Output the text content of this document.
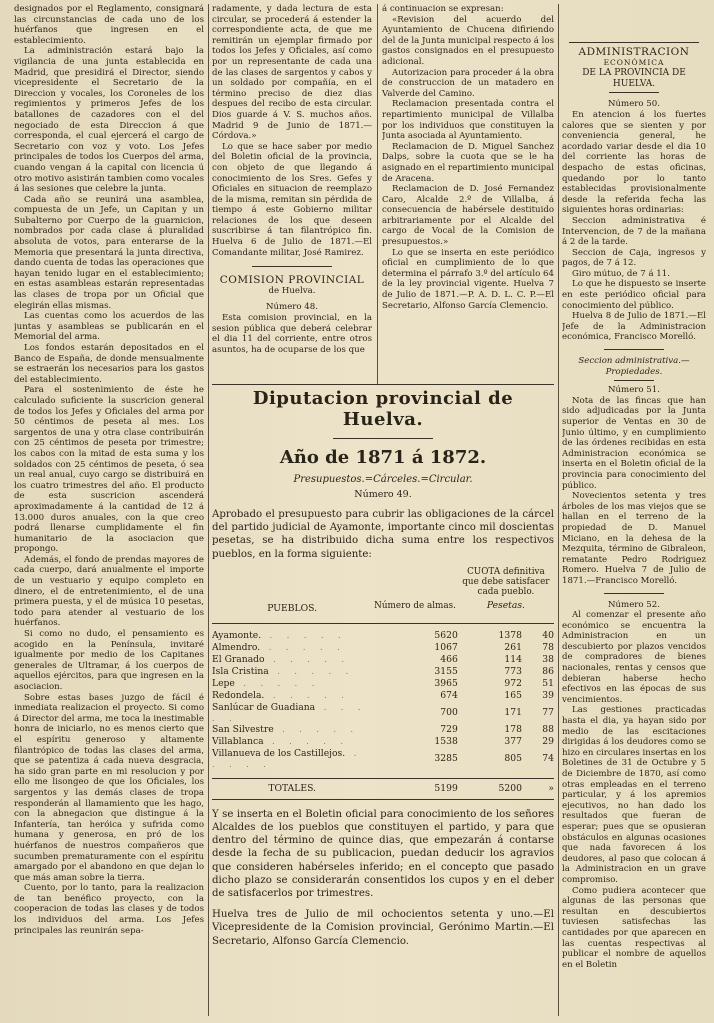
designados por el Reglamento, consignará las circunstancias de cada uno de los huérfanos que ingresen en el establecimiento.

La administración estará bajo la vigilancia de una junta establecida en Madrid, que presidirá el Director, siendo vicepresidente el Secretario de la Direccion y vocales, los Coroneles de los regimientos y primeros Jefes de los batallones de cazadores con el del negociado de esta Direccion á que corresponda, el cual ejercerá el cargo de Secretario con voz y voto. Los Jefes principales de todos los Cuerpos del arma, cuando vengan á la capital con licencia ú otro motivo asistirán tambien como vocales á las sesiones que celebre la junta.

Cada año se reunirá una asamblea, compuesta de un Jefe, un Capitan y un Subalterno por Cuerpo de la guarnicion, nombrados por cada clase á pluralidad absoluta de votos, para enterarse de la Memoria que presentará la junta directiva, dando cuenta de todas las operaciones que hayan tenido lugar en el establecimiento; en estas asambleas estarán representadas las clases de tropa por un Oficial que elegirán ellas mismas.

Las cuentas como los acuerdos de las juntas y asambleas se publicarán en el Memorial del arma.

Los fondos estarán depositados en el Banco de España, de donde mensualmente se estraerán los necesarios para los gastos del establecimiento.

Para el sostenimiento de éste he calculado suficiente la suscricion general de todos los Jefes y Oficiales del arma por 50 céntimos de peseta al mes. Los sargentos de una y otra clase contribuirán con 25 céntimos de peseta por trimestre; los cabos con la mitad de esta suma y los soldados con 25 céntimos de peseta, ó sea un real anual, cuyo cargo se distribuirá en los cuatro trimestres del año. El producto de esta suscricion ascenderá aproximadamente á la cantidad de 12 á 13.000 duros anuales, con la que creo podrá llenarse cumplidamente el fin humanitario de la asociacion que propongo.

Además, el fondo de prendas mayores de cada cuerpo, dará anualmente el importe de un vestuario y equipo completo en dinero, el de entretenimiento, el de una primera puesta, y el de música 10 pesetas, todo para atender al vestuario de los huérfanos.

Si como no dudo, el pensamiento es acogido en la Península, invitaré igualmente por medio de los Capitanes generales de Ultramar, á los cuerpos de aquellos ejércitos, para que ingresen en la asociacion.

Sobre estas bases juzgo de fácil é inmediata realizacion el proyecto. Si como á Director del arma, me toca la inestimable honra de iniciarlo, no es menos cierto que el espíritu generoso y altamente filantrópico de todas las clases del arma, que se patentiza á cada nueva desgracia, ha sido gran parte en mi resolucion y por ello me lisongeo de que los Oficiales, los sargentos y las demás clases de tropa responderán al llamamiento que les hago, con la abnegacion que distingue á la Infantería, tan heróica y sufrida como humana y generosa, en pró de los huérfanos de nuestros compañeros que sucumben prematuramente con el espíritu amargado por el abandono en que dejan lo que más aman sobre la tierra.

Cuento, por lo tanto, para la realizacion de tan benéfico proyecto, con la cooperacion de todas las clases y de todos los individuos del arma. Los Jefes principales las reunirán sepa-

radamente, y dada lectura de esta circular, se procederá á estender la correspondiente acta, de que me remitirán un ejemplar firmado por todos los Jefes y Oficiales, así como por un representante de cada una de las clases de sargentos y cabos y un soldado por compañía, en el término preciso de diez dias despues del recibo de esta circular. Dios guarde á V. S. muchos años. Madrid 9 de Junio de 1871.—Córdova.»

Lo que se hace saber por medio del Boletin oficial de la provincia, con objeto de que llegando á conocimiento de los Sres. Gefes y Oficiales en situacion de reemplazo de la misma, remitan sin pérdida de tiempo á este Gobierno militar relaciones de los que deseen suscribirse á tan filantrópico fin. Huelva 6 de Julio de 1871.—El Comandante militar, José Ramirez.

COMISION PROVINCIAL

de Huelva.

Número 48.

Esta comision provincial, en la sesion pública que deberá celebrar el dia 11 del corriente, entre otros asuntos, ha de ocuparse de los que

á continuacion se expresan:

«Revision del acuerdo del Ayuntamiento de Chucena difiriendo del de la Junta municipal respecto á los gastos consignados en el presupuesto adicional.

Autorizacion para proceder á la obra de construccion de un matadero en Valverde del Camino.

Reclamacion presentada contra el repartimiento municipal de Villalba por los individuos que constituyen la Junta asociada al Ayuntamiento.

Reclamacion de D. Miguel Sanchez Dalps, sobre la cuota que se le ha asignado en el repartimiento municipal de Aracena.

Reclamacion de D. José Fernandez Caro, Alcalde 2.º de Villalba, á consecuencia de habérsele destituido arbitrariamente por el Alcalde del cargo de Vocal de la Comision de presupuestos.»

Lo que se inserta en este periódico oficial en cumplimiento de lo que determina el párrafo 3.º del artículo 64 de la ley provincial vigente. Huelva 7 de Julio de 1871.—P. A. D. L. C. P.—El Secretario, Alfonso García Clemencio.

Diputacion provincial de Huelva.
Año de 1871 á 1872.
Presupuestos.=Cárceles.=Circular.
Número 49.
Aprobado el presupuesto para cubrir las obligaciones de la cárcel del partido judicial de Ayamonte, importante cinco mil doscientas pesetas, se ha distribuido dicha suma entre los respectivos pueblos, en la forma siguiente:
		CUOTA definitiva que debe satisfacer cada pueblo.	
PUEBLOS.	Número de almas.	Pesetas.	

Ayamonte. . . . . .	5620	1378	40
Almendro. . . . . .	1067	261	78
El Granado . . . . .	466	114	38
Isla Cristina . . . . .	3155	773	86
Lepe . . . . .	3965	972	51
Redondela. . . . . .	674	165	39
Sanlúcar de Guadiana . . . . .	700	171	77
San Silvestre . . . . .	729	178	88
Villablanca . . . . .	1538	377	29
Villanueva de los Castillejos. . . . . .	3285	805	74

TOTALES.	5199	5200	»

Y se inserta en el Boletin oficial para conocimiento de los señores Alcaldes de los pueblos que constituyen el partido, y para que dentro del término de quince dias, que empezarán á contarse desde la fecha de su publicacion, puedan deducir los agravios que consideren habérseles inferido; en el concepto que pasado dicho plazo se considerarán consentidos los cupos y en el deber de satisfacerlos por trimestres.
Huelva tres de Julio de mil ochocientos setenta y uno.—El Vicepresidente de la Comision provincial, Gerónimo Martin.—El Secretario, Alfonso García Clemencio.

ADMINISTRACION

ECONÓMICA

DE LA PROVINCIA DE HUELVA.

Número 50.

En atencion á los fuertes calores que se sienten y por conveniencia general, he acordado variar desde el dia 10 del corriente las horas de despacho de estas oficinas, quedando por lo tanto establecidas provisionalmente desde la referida fecha las siguientes horas ordinarias:

Seccion administrativa é Intervencion, de 7 de la mañana á 2 de la tarde.

Seccion de Caja, ingresos y pagos, de 7 á 12.

Giro mútuo, de 7 á 11.

Lo que he dispuesto se inserte en este periódico oficial para conocimiento del público.

Huelva 8 de Julio de 1871.—El Jefe de la Administracion económica, Francisco Morelló.

Seccion administrativa.—Propiedades.

Número 51.

Nota de las fincas que han sido adjudicadas por la Junta superior de Ventas en 30 de Junio último, y en cumplimiento de las órdenes recibidas en esta Administracion económica se inserta en el Boletin oficial de la provincia para conocimiento del público.

Novecientos setenta y tres árboles de los mas viejos que se hallan en el terreno de la propiedad de D. Manuel Miciano, en la dehesa de la Mezquita, término de Gibraleon, rematante Pedro Rodriguez Romero. Huelva 7 de Julio de 1871.—Francisco Morelló.

Número 52.

Al comenzar el presente año económico se encuentra la Administracion en un descubierto por plazos vencidos de compradores de bienes nacionales, rentas y censos que debieran haberse hecho efectivos en las épocas de sus vencimientos.

Las gestiones practicadas hasta el dia, ya hayan sido por medio de las escitaciones dirigidas á los deudores como se hizo en circulares insertas en los Boletines de 31 de Octubre y 5 de Diciembre de 1870, así como otras empleadas en el terreno particular, y á los apremios ejecutivos, no han dado los resultados que fueran de esperar; pues que se opusieran obstáculos en algunas ocasiones que nada favorecen á los deudores, al paso que colocan á la Administracion en un grave compromiso.

Como pudiera acontecer que algunas de las personas que resultan en descubiertos tuviesen satisfechas las cantidades por que aparecen en las cuentas respectivas al publicar el nombre de aquellos en el Boletin
